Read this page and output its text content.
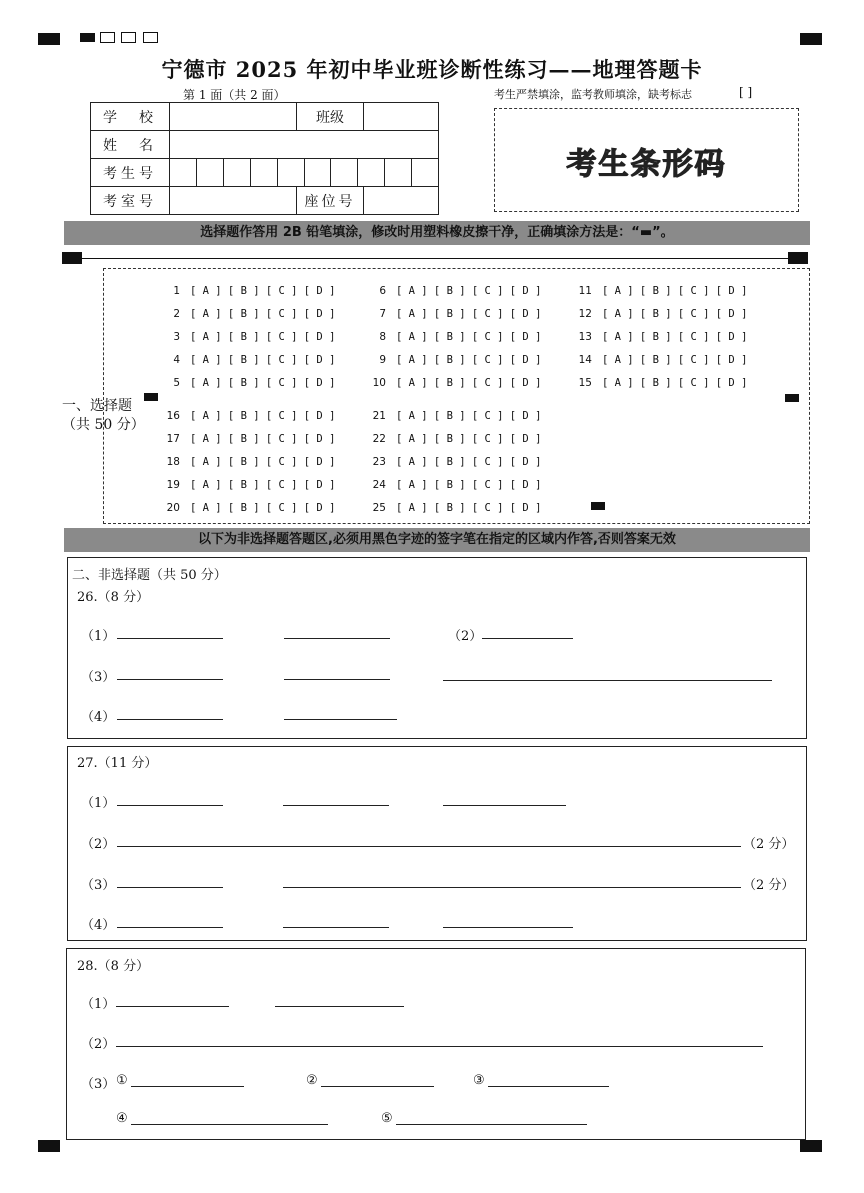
宁德市 2025 年初中毕业班诊断性练习——地理答题卡
第 1 面（共 2 面）	考生严禁填涂，监考教师填涂，缺考标志	[ ]
学　校		班级	
姓　名			
考生号			

考室号		座位号	
考生条形码
选择题作答用 2B 铅笔填涂，修改时用塑料橡皮擦干净，正确填涂方法是：“▬”。
一、选择题
（共 50 分）
1 [ A ] [ B ] [ C ] [ D ]
2 [ A ] [ B ] [ C ] [ D ]
3 [ A ] [ B ] [ C ] [ D ]
4 [ A ] [ B ] [ C ] [ D ]
5 [ A ] [ B ] [ C ] [ D ]
6 [ A ] [ B ] [ C ] [ D ]
7 [ A ] [ B ] [ C ] [ D ]
8 [ A ] [ B ] [ C ] [ D ]
9 [ A ] [ B ] [ C ] [ D ]
10 [ A ] [ B ] [ C ] [ D ]
11 [ A ] [ B ] [ C ] [ D ]
12 [ A ] [ B ] [ C ] [ D ]
13 [ A ] [ B ] [ C ] [ D ]
14 [ A ] [ B ] [ C ] [ D ]
15 [ A ] [ B ] [ C ] [ D ]
16 [ A ] [ B ] [ C ] [ D ]
17 [ A ] [ B ] [ C ] [ D ]
18 [ A ] [ B ] [ C ] [ D ]
19 [ A ] [ B ] [ C ] [ D ]
20 [ A ] [ B ] [ C ] [ D ]
21 [ A ] [ B ] [ C ] [ D ]
22 [ A ] [ B ] [ C ] [ D ]
23 [ A ] [ B ] [ C ] [ D ]
24 [ A ] [ B ] [ C ] [ D ]
25 [ A ] [ B ] [ C ] [ D ]
以下为非选择题答题区,必须用黑色字迹的签字笔在指定的区域内作答,否则答案无效
二、非选择题（共 50 分）
26.（8 分）
（1）	（2）
（3）
（4）
27.（11 分）
（1）
（2）	（2 分）
（3）	（2 分）
（4）
28.（8 分）
（1）
（2）
（3） ①	②	③
④	⑤
